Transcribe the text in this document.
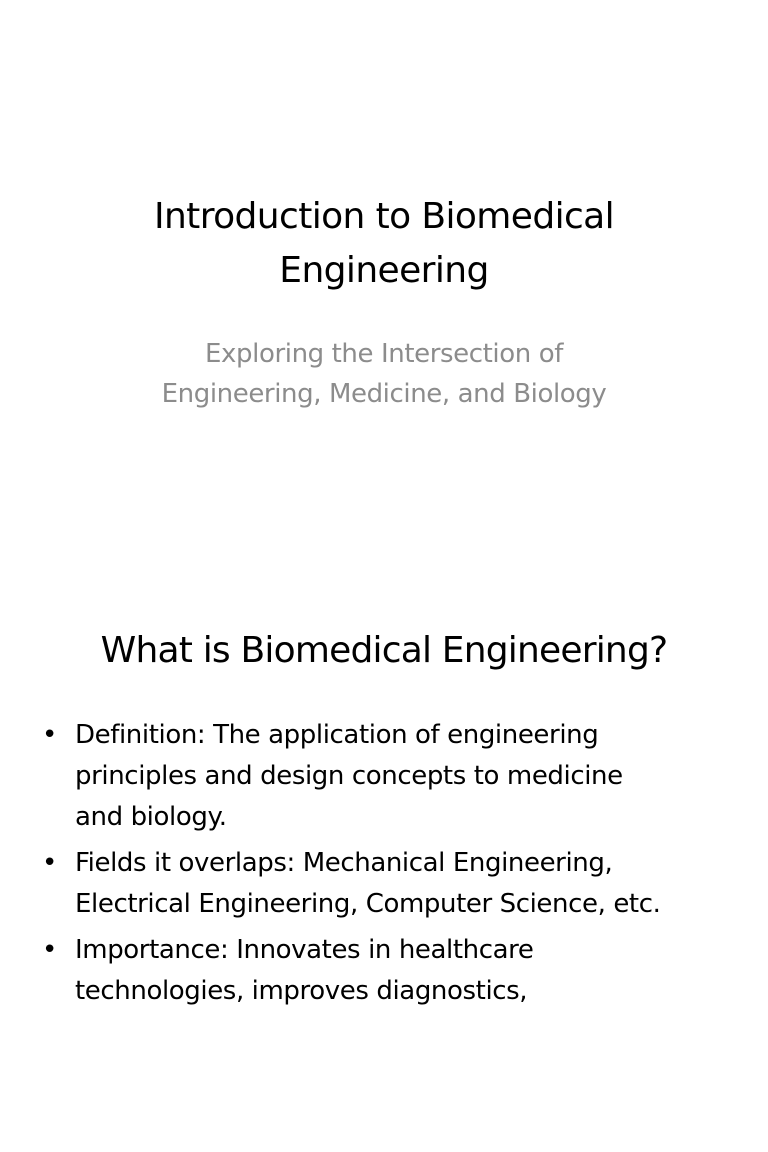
Introduction to Biomedical
Engineering

Exploring the Intersection of
Engineering, Medicine, and Biology

What is Biomedical Engineering?
• Definition: The application of engineering
principles and design concepts to medicine
and biology.
• Fields it overlaps: Mechanical Engineering,
Electrical Engineering, Computer Science, etc.
• Importance: Innovates in healthcare
technologies, improves diagnostics,
